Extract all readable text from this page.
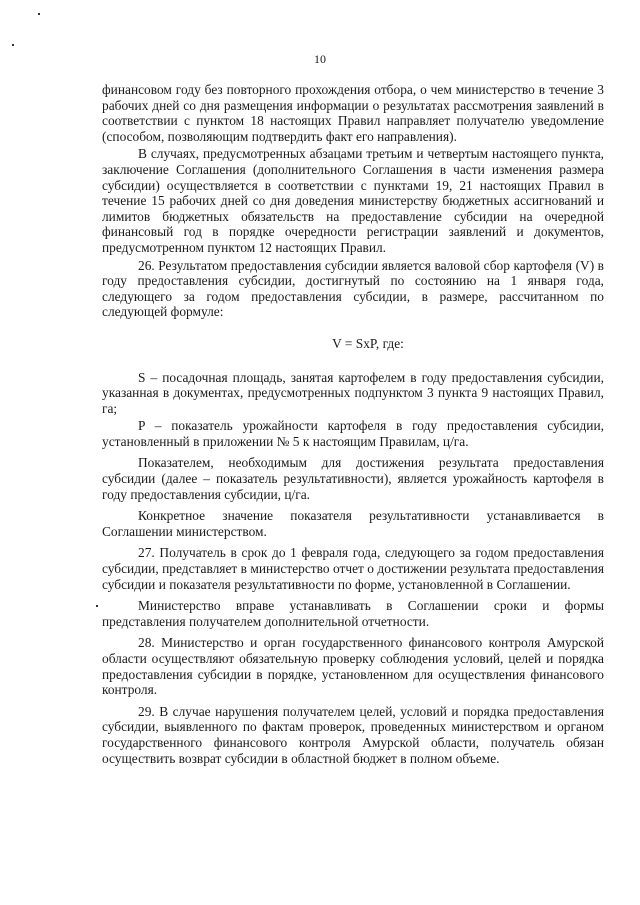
10

финансовом году без повторного прохождения отбора, о чем министерство в течение 3 рабочих дней со дня размещения информации о результатах рассмотрения заявлений в соответствии с пунктом 18 настоящих Правил направляет получателю уведомление (способом, позволяющим подтвердить факт его направления).

В случаях, предусмотренных абзацами третьим и четвертым настоящего пункта, заключение Соглашения (дополнительного Соглашения в части изменения размера субсидии) осуществляется в соответствии с пунктами 19, 21 настоящих Правил в течение 15 рабочих дней со дня доведения министерству бюджетных ассигнований и лимитов бюджетных обязательств на предоставление субсидии на очередной финансовый год в порядке очередности регистрации заявлений и документов, предусмотренном пунктом 12 настоящих Правил.

26. Результатом предоставления субсидии является валовой сбор картофеля (V) в году предоставления субсидии, достигнутый по состоянию на 1 января года, следующего за годом предоставления субсидии, в размере, рассчитанном по следующей формуле:

V = SxP, где:

S – посадочная площадь, занятая картофелем в году предоставления субсидии, указанная в документах, предусмотренных подпунктом 3 пункта 9 настоящих Правил, га;

P – показатель урожайности картофеля в году предоставления субсидии, установленный в приложении № 5 к настоящим Правилам, ц/га.

Показателем, необходимым для достижения результата предоставления субсидии (далее – показатель результативности), является урожайность картофеля в году предоставления субсидии, ц/га.

Конкретное значение показателя результативности устанавливается в Соглашении министерством.

27. Получатель в срок до 1 февраля года, следующего за годом предоставления субсидии, представляет в министерство отчет о достижении результата предоставления субсидии и показателя результативности по форме, установленной в Соглашении.

Министерство вправе устанавливать в Соглашении сроки и формы представления получателем дополнительной отчетности.

28. Министерство и орган государственного финансового контроля Амурской области осуществляют обязательную проверку соблюдения условий, целей и порядка предоставления субсидии в порядке, установленном для осуществления финансового контроля.

29. В случае нарушения получателем целей, условий и порядка предоставления субсидии, выявленного по фактам проверок, проведенных министерством и органом государственного финансового контроля Амурской области, получатель обязан осуществить возврат субсидии в областной бюджет в полном объеме.
